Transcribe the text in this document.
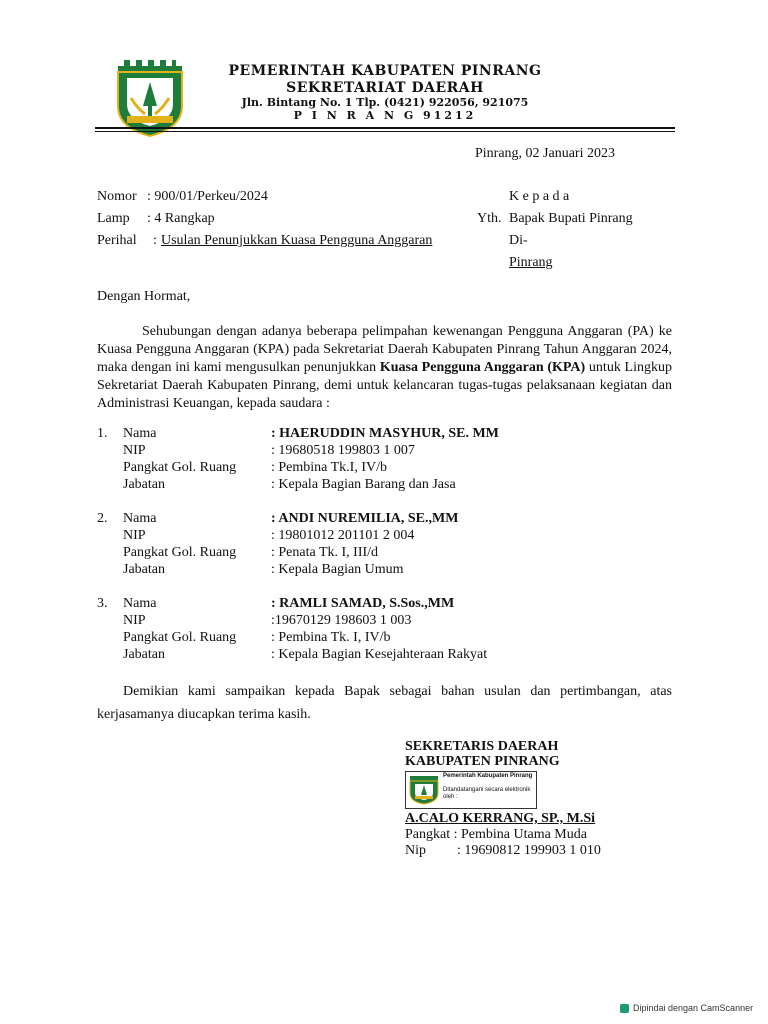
PEMERINTAH KABUPATEN PINRANG
SEKRETARIAT DAERAH
Jln. Bintang No. 1 Tlp. (0421) 922056, 921075
P I N R A N G 91212
Pinrang, 02 Januari 2023
Nomor : 900/01/Perkeu/2024
Lamp : 4 Rangkap
Perihal : Usulan Penunjukkan Kuasa Pengguna Anggaran
K e p a d a
Yth. Bapak Bupati Pinrang
Di-
Pinrang
Dengan Hormat,
Sehubungan dengan adanya beberapa pelimpahan kewenangan Pengguna Anggaran (PA) ke Kuasa Pengguna Anggaran (KPA) pada Sekretariat Daerah Kabupaten Pinrang Tahun Anggaran 2024, maka dengan ini kami mengusulkan penunjukkan Kuasa Pengguna Anggaran (KPA) untuk Lingkup Sekretariat Daerah Kabupaten Pinrang, demi untuk kelancaran tugas-tugas pelaksanaan kegiatan dan Administrasi Keuangan, kepada saudara :
1. Nama	: HAERUDDIN MASYHUR, SE. MM
NIP	: 19680518 199803 1 007
Pangkat Gol. Ruang : Pembina Tk.I, IV/b
Jabatan	: Kepala Bagian Barang dan Jasa
2. Nama	: ANDI NUREMILIA, SE.,MM
NIP	: 19801012 201101 2 004
Pangkat Gol. Ruang : Penata Tk. I, III/d
Jabatan	: Kepala Bagian Umum
3. Nama	: RAMLI SAMAD, S.Sos.,MM
NIP	:19670129 198603 1 003
Pangkat Gol. Ruang : Pembina Tk. I, IV/b
Jabatan	: Kepala Bagian Kesejahteraan Rakyat
Demikian kami sampaikan kepada Bapak sebagai bahan usulan dan pertimbangan, atas kerjasamanya diucapkan terima kasih.
SEKRETARIS DAERAH
KABUPATEN PINRANG
Pemerintah Kabupaten Pinrang
Ditandatangani secara elektronik oleh :
A.CALO KERRANG, SP., M.Si
Pangkat : Pembina Utama Muda
Nip : 19690812 199903 1 010
Dipindai dengan CamScanner
